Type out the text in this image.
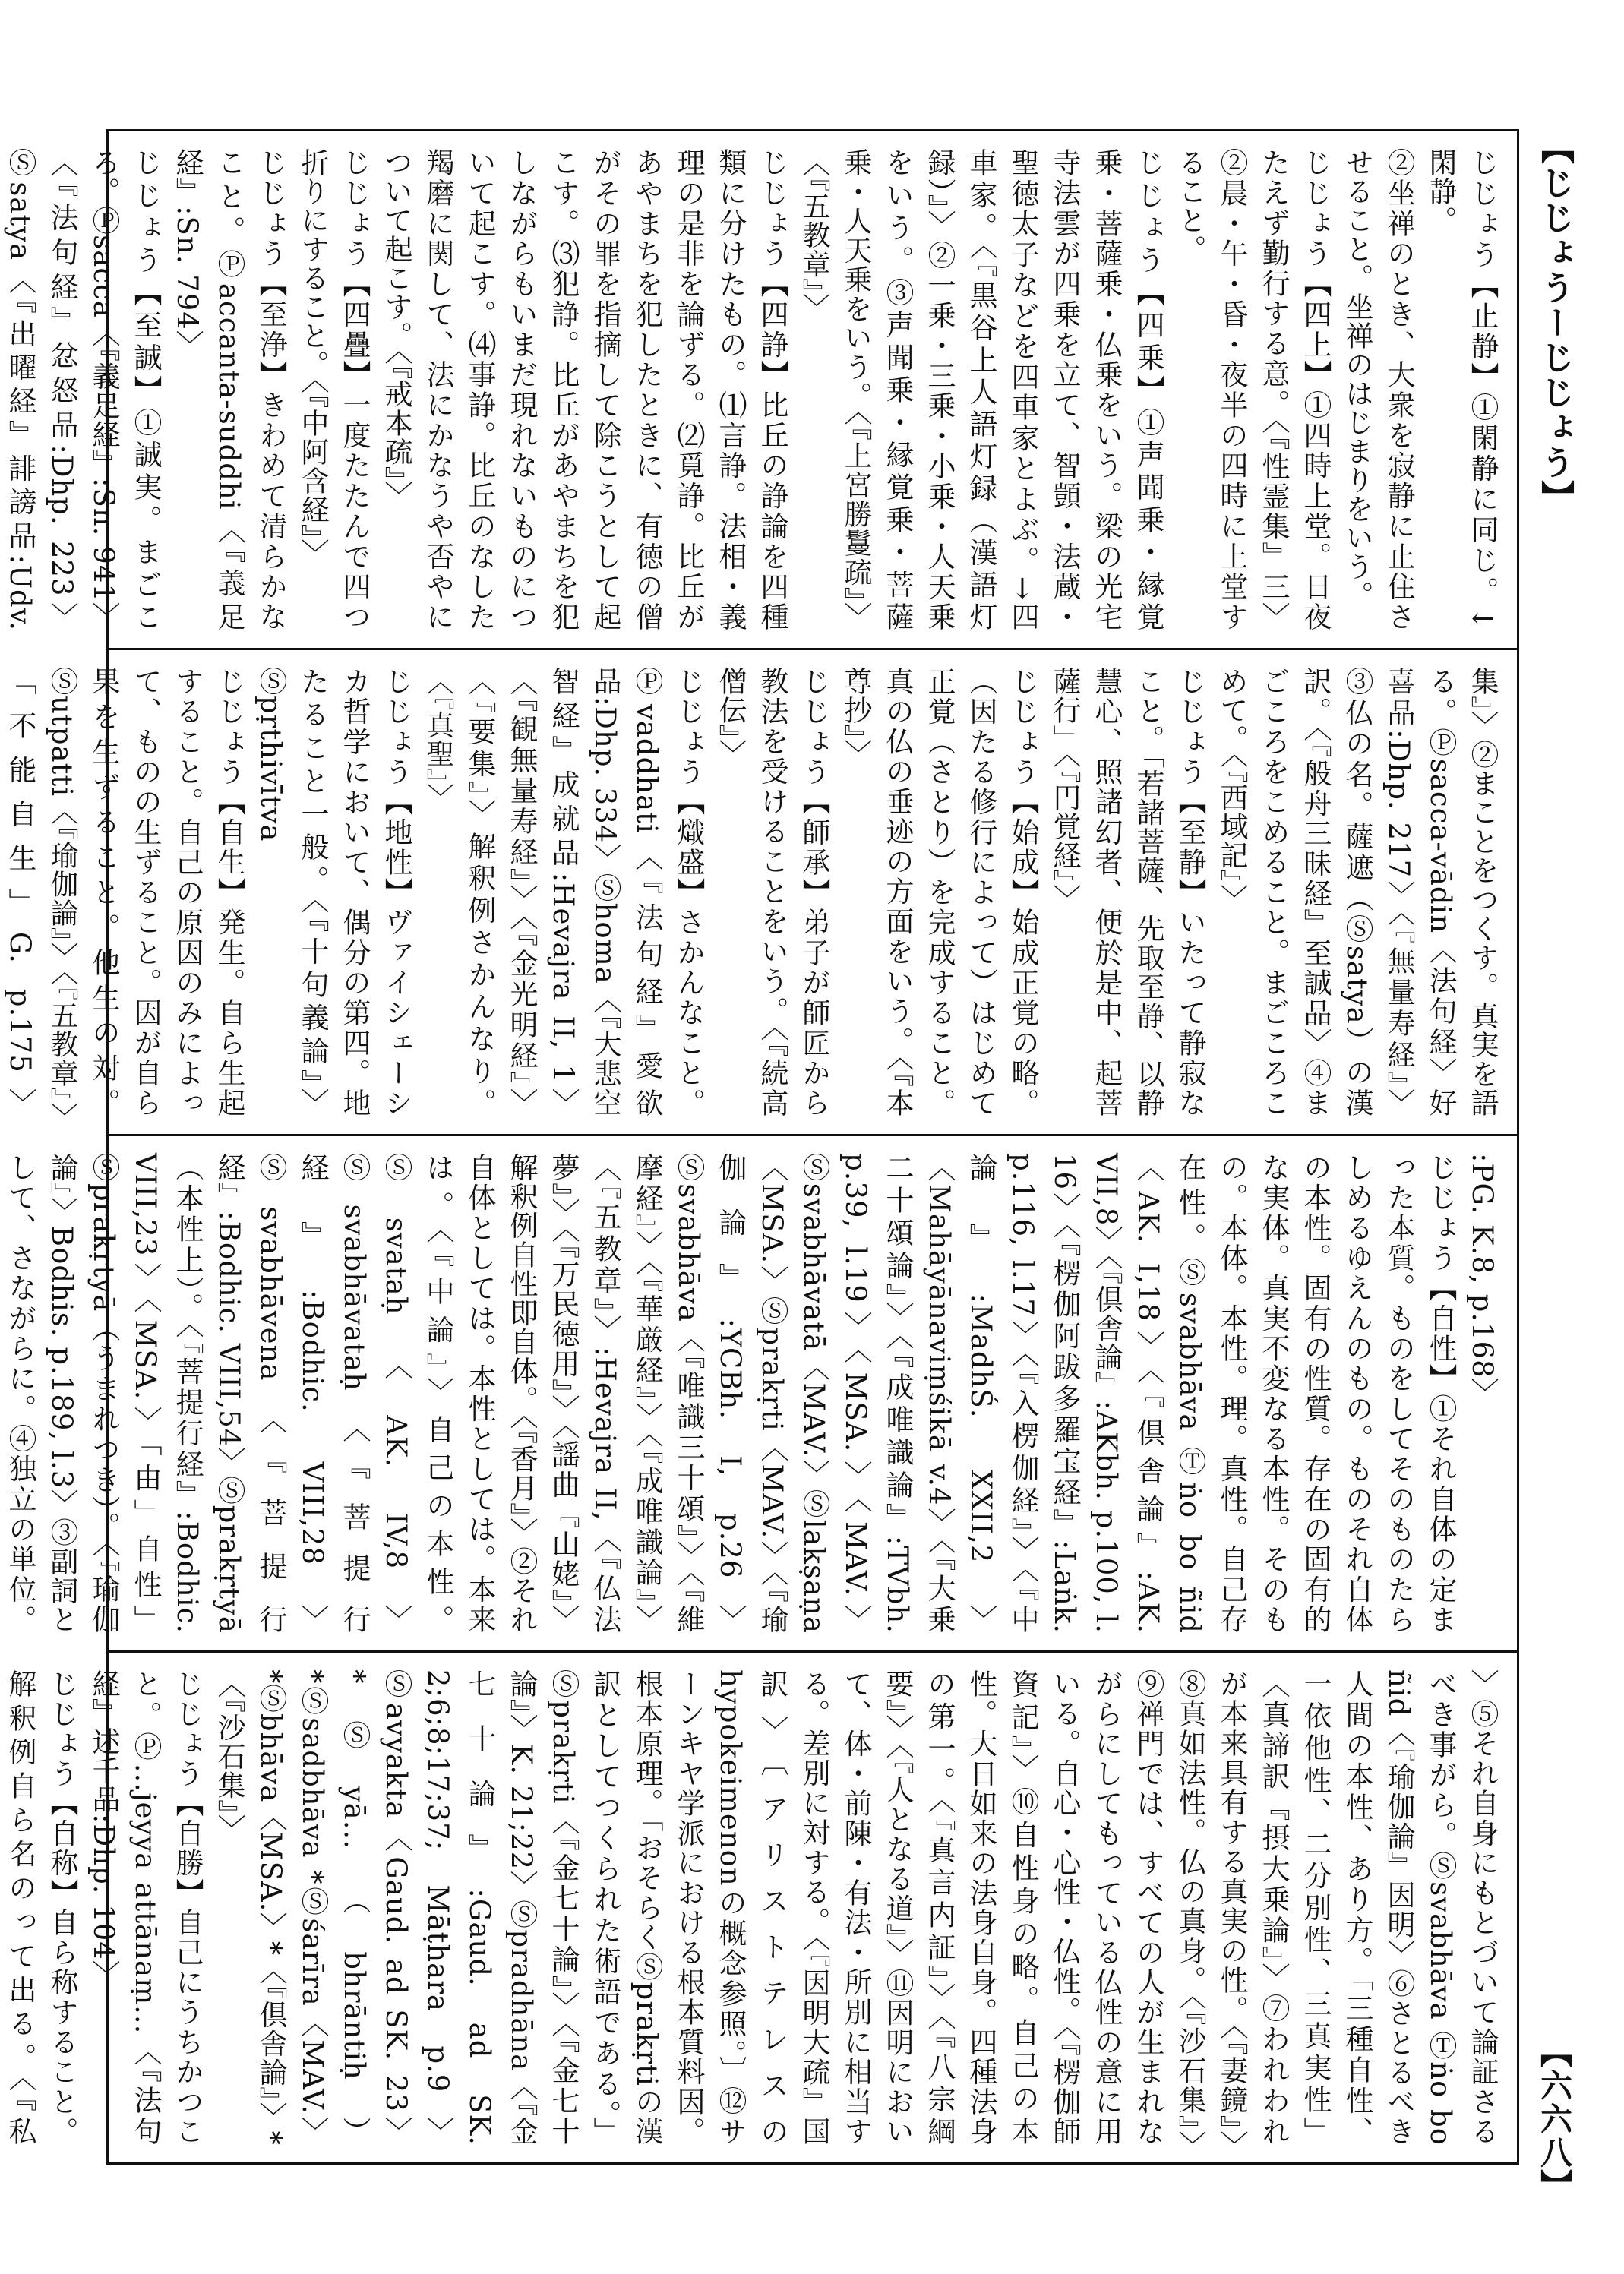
【じじょうーじじょう】
じじょう【止静】①閑静に同じ。↓閑静。
②坐禅のとき、大衆を寂静に止住させること。坐禅のはじまりをいう。
じじょう【四上】①四時上堂。日夜たえず勤行する意。〈『性霊集』三〉②晨・午・昏・夜半の四時に上堂すること。
じじょう【四乗】①声聞乗・縁覚乗・菩薩乗・仏乗をいう。梁の光宅寺法雲が四乗を立て、智顗・法蔵・聖徳太子などを四車家とよぶ。→四車家。〈『黒谷上人語灯録（漢語灯録）』〉②一乗・三乗・小乗・人天乗をいう。③声聞乗・縁覚乗・菩薩乗・人天乗をいう。〈『上宮勝鬘疏』〉〈『五教章』〉
じじょう【四諍】比丘の諍論を四種類に分けたもの。⑴言諍。法相・義理の是非を論ずる。⑵覓諍。比丘があやまちを犯したときに、有徳の僧がその罪を指摘して除こうとして起こす。⑶犯諍。比丘があやまちを犯しながらもいまだ現れないものについて起こす。⑷事諍。比丘のなした羯磨に関して、法にかなうや否やについて起こす。〈『戒本疏』〉
じじょう【四疊】一度たたんで四つ折りにすること。〈『中阿含経』〉
じじょう【至浄】きわめて清らかなこと。Ⓟaccanta-suddhi〈『義足経』:Sn. 794〉
じじょう【至誠】①誠実。まごころ。Ⓟsacca〈『義足経』:Sn. 941〉〈『法句経』忿怒品:Dhp. 223〉Ⓢsatya〈『出曜経』誹謗品:Udv.
集』〉②まことをつくす。真実を語る。Ⓟsacca-vādin〈法句経〉好喜品:Dhp. 217〉〈『無量寿経』〉③仏の名。薩遮（Ⓢsatya）の漢訳。〈『般舟三昧経』至誠品〉④まごころをこめること。まごころこめて。〈『西域記』〉
じじょう【至静】いたって静寂なこと。「若諸菩薩、先取至静、以静慧心、照諸幻者、便於是中、起菩薩行」〈『円覚経』〉
じじょう【始成】始成正覚の略。（因たる修行によって）はじめて正覚（さとり）を完成すること。真の仏の垂迹の方面をいう。〈『本尊抄』〉
じじょう【師承】弟子が師匠から教法を受けることをいう。〈『続高僧伝』〉
じじょう【熾盛】さかんなこと。Ⓟvaddhati〈『法句経』愛欲品:Dhp. 334〉Ⓢhoma〈『大悲空智経』成就品:Hevajra II, 1〉〈『観無量寿経』〉〈『金光明経』〉〈『要集』〉解釈例さかんなり。〈『真聖』〉
じじょう【地性】ヴァイシェーシカ哲学において、偶分の第四。地たること一般。〈『十句義論』〉Ⓢpṛthivītva
じじょう【自生】発生。自ら生起すること。自己の原因のみによって、ものの生ずること。因が自ら果を生ずること。他生の対。Ⓢutpatti〈『瑜伽論』〉〈『五教章』〉「不能自生」G. p.175〉
:PG. K.8, p.168〉
じじょう【自性】①それ自体の定まった本質。ものをしてそのものたらしめるゆえんのもの。ものそれ自体の本性。固有の性質。存在の固有的な実体。真実不変なる本性。そのもの。本体。本性。理。真性。自己存在性。Ⓢsvabhāva Ⓣṅo bo ñid〈AK. I,18〉〈『倶舎論』:AK. VII,8〉〈『倶舎論』:AKbh. p.100, l. 16〉〈『楞伽阿跋多羅宝経』:Laṅk. p.116, l.17〉〈『入楞伽経』〉〈『中論』:MadhŚ. XXII,2〉〈Mahāyānaviṃśikā v.4〉〈『大乗二十頌論』〉〈『成唯識論』:TVbh. p.39, l.19〉〈MSA.〉〈MAV.〉Ⓢsvabhāvatā〈MAV.〉Ⓢlakṣaṇa〈MSA.〉Ⓢprakṛti〈MAV.〉〈『瑜伽論』:YCBh. I, p.26〉Ⓢsvabhāva〈『唯識三十頌』〉〈『維摩経』〉〈『華厳経』〉〈『成唯識論』〉〈『五教章』〉:Hevajra II,〈『仏法夢』〉〈『万民徳用』〉〈謡曲『山姥』〉解釈例自性即自体。〈『香月』〉②それ自体としては。本性としては。本来は。〈『中論』〉自己の本性。Ⓢsvataḥ〈AK. IV,8〉Ⓢsvabhāvataḥ〈『菩提行経』:Bodhic. VIII,28〉Ⓢsvabhāvena〈『菩提行経』:Bodhic. VIII,54〉Ⓢprakṛtyā（本性上）。〈『菩提行経』:Bodhic. VIII,23〉〈MSA.〉「由」自性」Ⓢprakṛtyā（うまれつき）。〈『瑜伽論』〉Bodhis. p.189, l.3〉③副詞として、さながらに。④独立の単位。
〉⑤それ自身にもとづいて論証さるべき事がら。Ⓢsvabhāva Ⓣṅo bo ñid〈『瑜伽論』因明〉⑥さとるべき人間の本性、あり方。「三種自性、一依他性、二分別性、三真実性」〈真諦訳『摂大乗論』〉⑦われわれが本来具有する真実の性。〈『妻鏡』〉⑧真如法性。仏の真身。〈『沙石集』〉⑨禅門では、すべての人が生まれながらにしてもっている仏性の意に用いる。自心・心性・仏性。〈『楞伽師資記』〉⑩自性身の略。自己の本性。大日如来の法身自身。四種法身の第一。〈『真言内証』〉〈『八宗綱要』〉〈『人となる道』〉⑪因明において、体・前陳・有法・所別に相当する。差別に対する。〈『因明大疏』国訳〉〔アリストテレスのhypokeimenonの概念参照。〕⑫サーンキヤ学派における根本質料因。根本原理。「おそらくⓈprakṛtiの漢訳としてつくられた術語である。」Ⓢprakṛti〈『金七十論』〉〈『金七十論』〉K. 21;22〉Ⓢpradhāna〈『金七十論』:Gaud. ad SK. 2;6;8;17;37; Māṭhara p.9〉Ⓢavyakta〈Gaud. ad SK. 23〉*Ⓢyā...（bhrāntiḥ）*Ⓢsadbhāva *Ⓢśarīra〈MAV.〉*Ⓢbhāva〈MSA.〉*〈『倶舎論』〉*〈『沙石集』〉
じじょう【自勝】自己にうちかつこと。Ⓟ...jeyya attānaṃ...〈『法句経』述千品:Dhp. 104〉
じじょう【自称】自ら称すること。解釈例自ら名のって出る。〈『私	【六六八】
